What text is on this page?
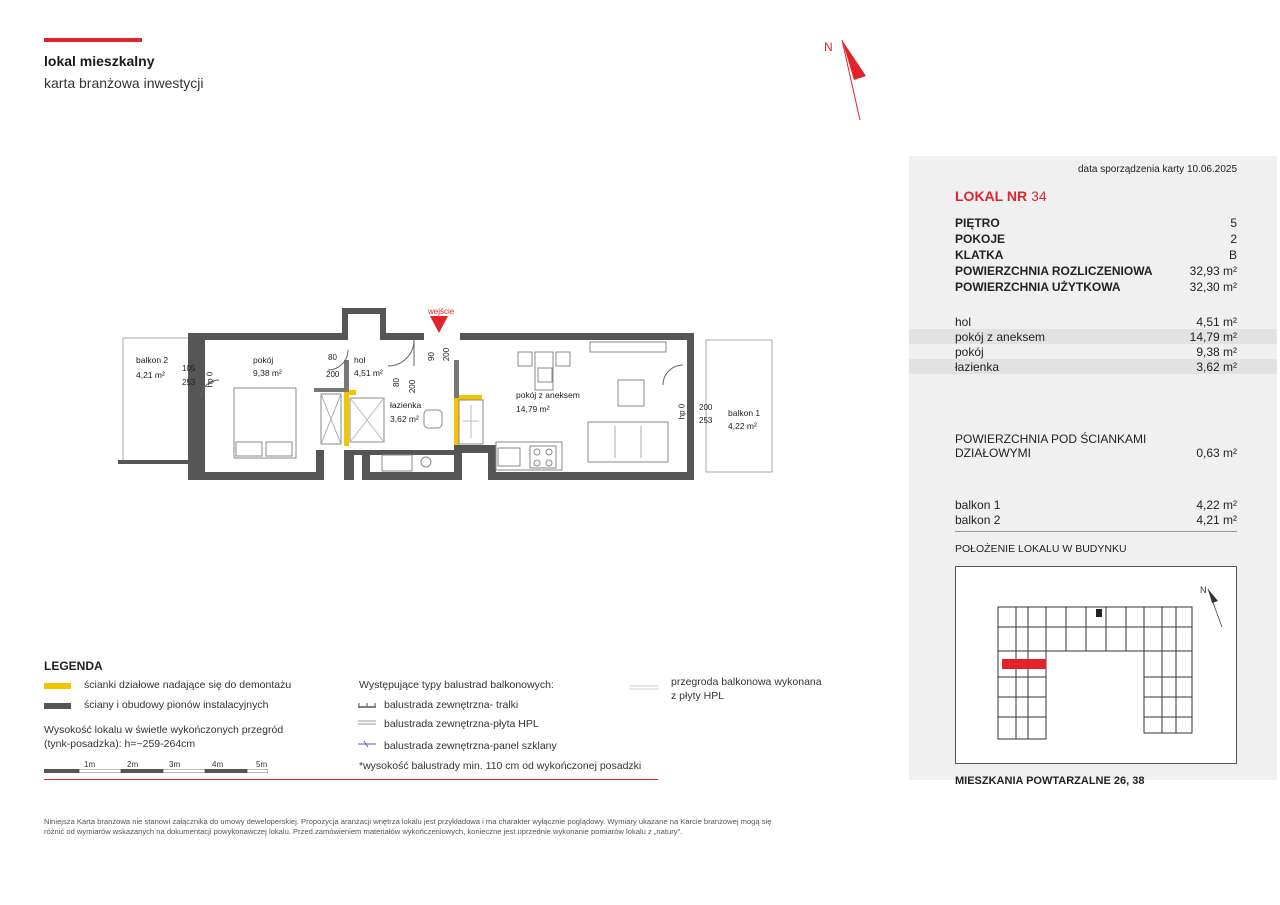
lokal mieszkalny
karta branżowa inwestycji
N
wejście
balkon 2
4,21 m²
105
253 hp 0
pokój
9,38 m²
80
200
hol
4,51 m²
80 200
łazienka
3,62 m²
90 200
pokój z aneksem
14,79 m²	hp 0 200
253
balkon 1
4,22 m²
LEGENDA
ścianki działowe nadające się do demontażu
ściany i obudowy pionów instalacyjnych
Wysokość lokalu w świetle wykończonych przegród
(tynk-posadzka): h=~259-264cm
1m	2m	3m	4m	5m
Występujące typy balustrad balkonowych:
balustrada zewnętrzna- tralki
balustrada zewnętrzna-płyta HPL
balustrada zewnętrzna-panel szklany
*wysokość balustrady min. 110 cm od wykończonej posadzki
przegroda balkonowa wykonana
z płyty HPL
Niniejsza Karta branżowa nie stanowi załącznika do umowy deweloperskiej. Propozycja aranżacji wnętrza lokalu jest przykładowa i ma charakter wyłącznie poglądowy. Wymiary ukazane na Karcie branżowej mogą się
różnić od wymiarów wskazanych na dokumentacji powykonawczej lokalu. Przed zamówieniem materiałów wykończeniowych, konieczne jest uprzednie wykonanie pomiarów lokalu z „natury”.
data sporządzenia karty 10.06.2025
LOKAL NR 34
PIĘTRO	5
POKOJE	2
KLATKA	B
POWIERZCHNIA ROZLICZENIOWA	32,93 m²
POWIERZCHNIA UŻYTKOWA	32,30 m²
hol	4,51 m²
pokój z aneksem	14,79 m²
pokój	9,38 m²
łazienka	3,62 m²
POWIERZCHNIA POD ŚCIANKAMI
DZIAŁOWYMI	0,63 m²
balkon 1	4,22 m²
balkon 2	4,21 m²
POŁOŻENIE LOKALU W BUDYNKU
N
MIESZKANIA POWTARZALNE 26, 38
